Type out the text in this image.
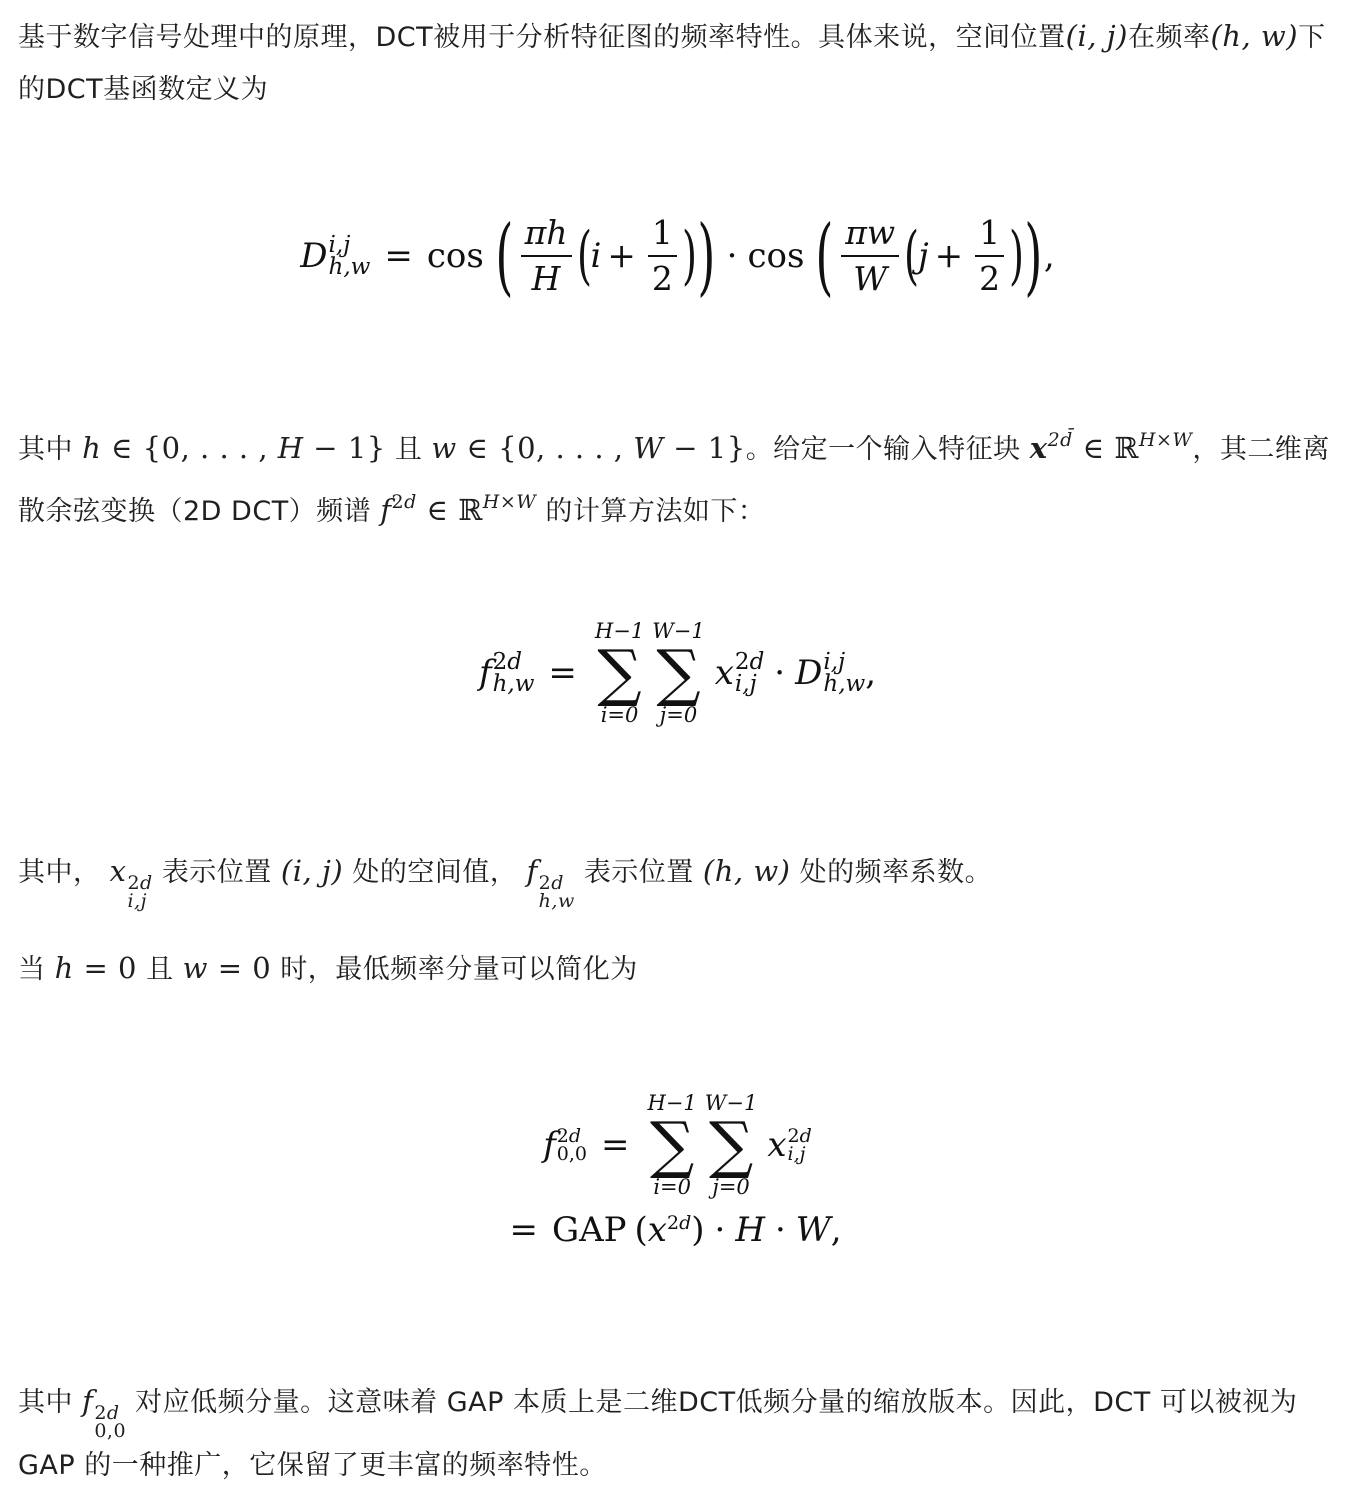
基于数字信号处理中的原理，DCT被用于分析特征图的频率特性。具体来说，空间位置(i, j)在频率(h, w)下的DCT基函数定义为

D i,j
h,w = cos ( $\frac{\pi h}{H}$ (
$i + \frac{1}{2}$ ) ) · cos ( $\frac{\pi w}{W}$ (
$j + \frac{1}{2}$ ) ) ,

其中 h ∈ {0, . . . , H − 1} 且 w ∈ {0, . . . , W − 1}。给定一个输入特征块 $x^{2d̄}$ ∈ ℝ$^{H\times W}$，其二维离散余弦变换（2D DCT）频谱 $f^{2d}$ ∈ ℝ$^{H\times W}$ 的计算方法如下：

f 2d
h,w =
H−1
∑
i=0
W−1
∑
j=0
x 2d
i,j · D i,j
h,w ,

其中， x 2d
i,j
表示位置 (i, j) 处的空间值， f 2d
h,w
表示位置 (h, w) 处的频率系数。

当 h = 0 且 w = 0 时，最低频率分量可以简化为

f 2d
0,0 =
H−1
∑
i=0
W−1
∑
j=0
x 2d
i,j
= GAP ( $x^{2d}$ ) · H · W ,

其中 f 2d
0,0
对应低频分量。这意味着 GAP 本质上是二维DCT低频分量的缩放版本。因此，DCT 可以被视为 GAP 的一种推广，它保留了更丰富的频率特性。
